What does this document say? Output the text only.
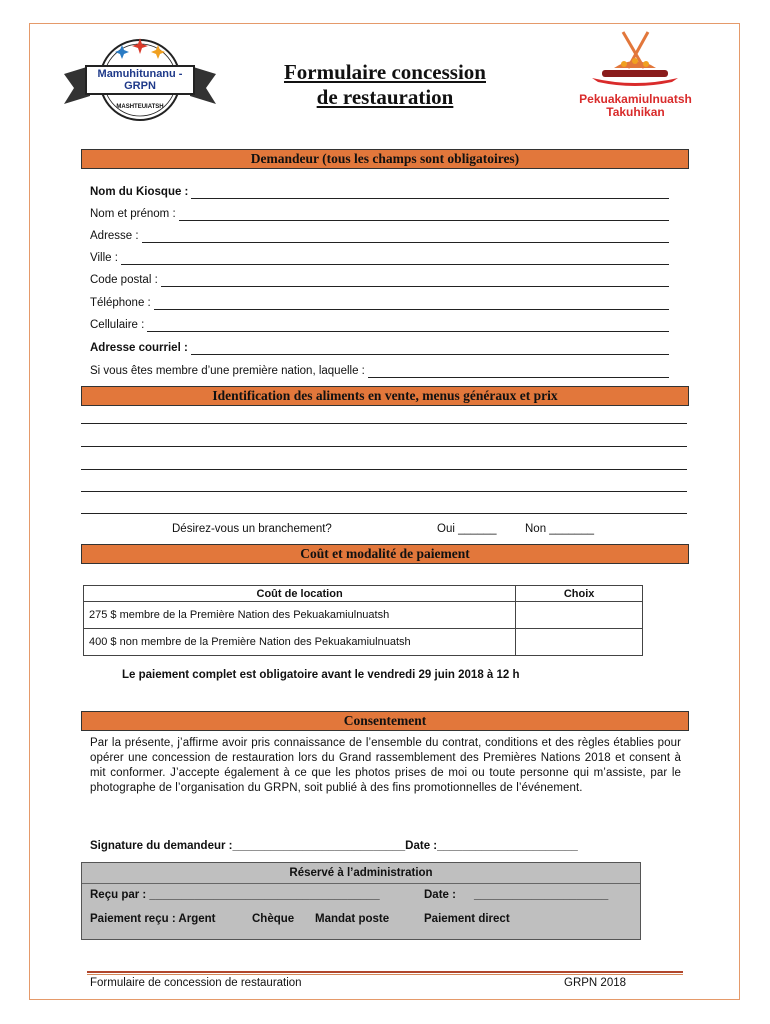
Mamuhitunanu -
GRPN
MASHTEUIATSH
Formulaire concession
de restauration	Pekuakamiulnuatsh
Takuhikan
Demandeur (tous les champs sont obligatoires)
Nom du Kiosque :
Nom et prénom :
Adresse :
Ville :
Code postal :
Téléphone :
Cellulaire :
Adresse courriel :
Si vous êtes membre d’une première nation, laquelle :
Identification des aliments en vente, menus généraux et prix
Désirez-vous un branchement?	Oui ______ Non _______
Coût et modalité de paiement
Coût de location	Choix
275 $ membre de la Première Nation des Pekuakamiulnuatsh	
400 $ non membre de la Première Nation des Pekuakamiulnuatsh	
Le paiement complet est obligatoire avant le vendredi 29 juin 2018 à 12 h
Consentement
Par la présente, j’affirme avoir pris connaissance de l’ensemble du contrat, conditions et des règles établies pour opérer une concession de restauration lors du Grand rassemblement des Premières Nations 2018 et consent à mit conformer. J’accepte également à ce que les photos prises de moi ou toute personne qui m’assiste, par le photographe de l’organisation du GRPN, soit publié à des fins promotionnelles de l’événement.
Signature du demandeur :___________________________Date :______________________
Réservé à l’administration
Reçu par : ____________________________________	Date : _____________________
Paiement reçu : Argent	Chèque Mandat poste	Paiement direct
Formulaire de concession de restauration	GRPN 2018
